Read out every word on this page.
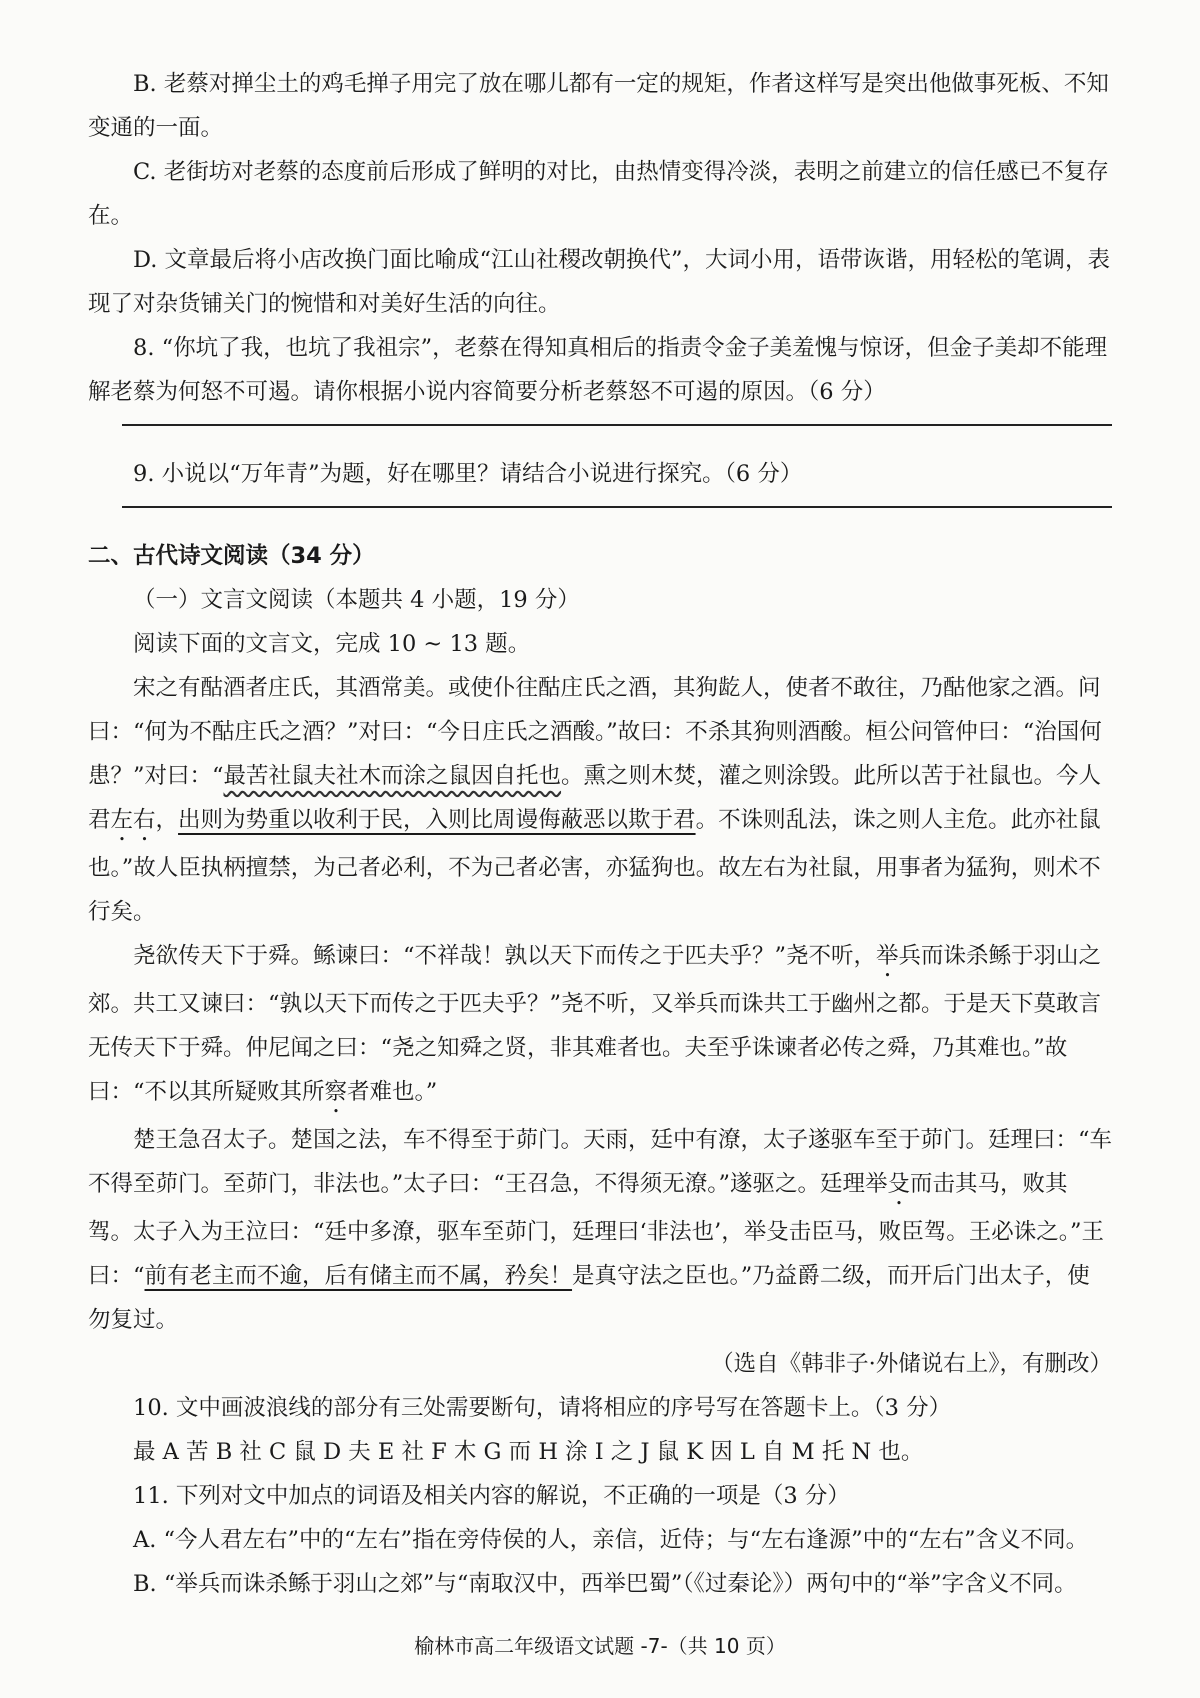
B. 老蔡对掸尘土的鸡毛掸子用完了放在哪儿都有一定的规矩，作者这样写是突出他做事死板、不知变通的一面。

C. 老街坊对老蔡的态度前后形成了鲜明的对比，由热情变得冷淡，表明之前建立的信任感已不复存在。

D. 文章最后将小店改换门面比喻成“江山社稷改朝换代”，大词小用，语带诙谐，用轻松的笔调，表现了对杂货铺关门的惋惜和对美好生活的向往。

8. “你坑了我，也坑了我祖宗”，老蔡在得知真相后的指责令金子美羞愧与惊讶，但金子美却不能理解老蔡为何怒不可遏。请你根据小说内容简要分析老蔡怒不可遏的原因。（6 分）

9. 小说以“万年青”为题，好在哪里？请结合小说进行探究。（6 分）

二、古代诗文阅读（34 分）

（一）文言文阅读（本题共 4 小题，19 分）

阅读下面的文言文，完成 10 ~ 13 题。

宋之有酤酒者庄氏，其酒常美。或使仆往酤庄氏之酒，其狗龁人，使者不敢往，乃酤他家之酒。问曰：“何为不酤庄氏之酒？”对曰：“今日庄氏之酒酸。”故曰：不杀其狗则酒酸。桓公问管仲曰：“治国何患？”对曰：“最苦社鼠夫社木而涂之鼠因自托也。熏之则木焚，灌之则涂毁。此所以苦于社鼠也。今人君左右，出则为势重以收利于民，入则比周谩侮蔽恶以欺于君。不诛则乱法，诛之则人主危。此亦社鼠也。”故人臣执柄擅禁，为己者必利，不为己者必害，亦猛狗也。故左右为社鼠，用事者为猛狗，则术不行矣。

尧欲传天下于舜。鲧谏曰：“不祥哉！孰以天下而传之于匹夫乎？”尧不听，举兵而诛杀鲧于羽山之郊。共工又谏曰：“孰以天下而传之于匹夫乎？”尧不听，又举兵而诛共工于幽州之都。于是天下莫敢言无传天下于舜。仲尼闻之曰：“尧之知舜之贤，非其难者也。夫至乎诛谏者必传之舜，乃其难也。”故曰：“不以其所疑败其所察者难也。”

楚王急召太子。楚国之法，车不得至于茆门。天雨，廷中有潦，太子遂驱车至于茆门。廷理曰：“车不得至茆门。至茆门，非法也。”太子曰：“王召急，不得须无潦。”遂驱之。廷理举殳而击其马，败其驾。太子入为王泣曰：“廷中多潦，驱车至茆门，廷理曰‘非法也’，举殳击臣马，败臣驾。王必诛之。”王曰：“前有老主而不逾，后有储主而不属，矜矣！是真守法之臣也。”乃益爵二级，而开后门出太子，使勿复过。

（选自《韩非子·外储说右上》，有删改）

10. 文中画波浪线的部分有三处需要断句，请将相应的序号写在答题卡上。（3 分）

最 A 苦 B 社 C 鼠 D 夫 E 社 F 木 G 而 H 涂 I 之 J 鼠 K 因 L 自 M 托 N 也。

11. 下列对文中加点的词语及相关内容的解说，不正确的一项是（3 分）

A. “今人君左右”中的“左右”指在旁侍侯的人，亲信，近侍；与“左右逢源”中的“左右”含义不同。

B. “举兵而诛杀鲧于羽山之郊”与“南取汉中，西举巴蜀”（《过秦论》）两句中的“举”字含义不同。

榆林市高二年级语文试题 -7-（共 10 页）
